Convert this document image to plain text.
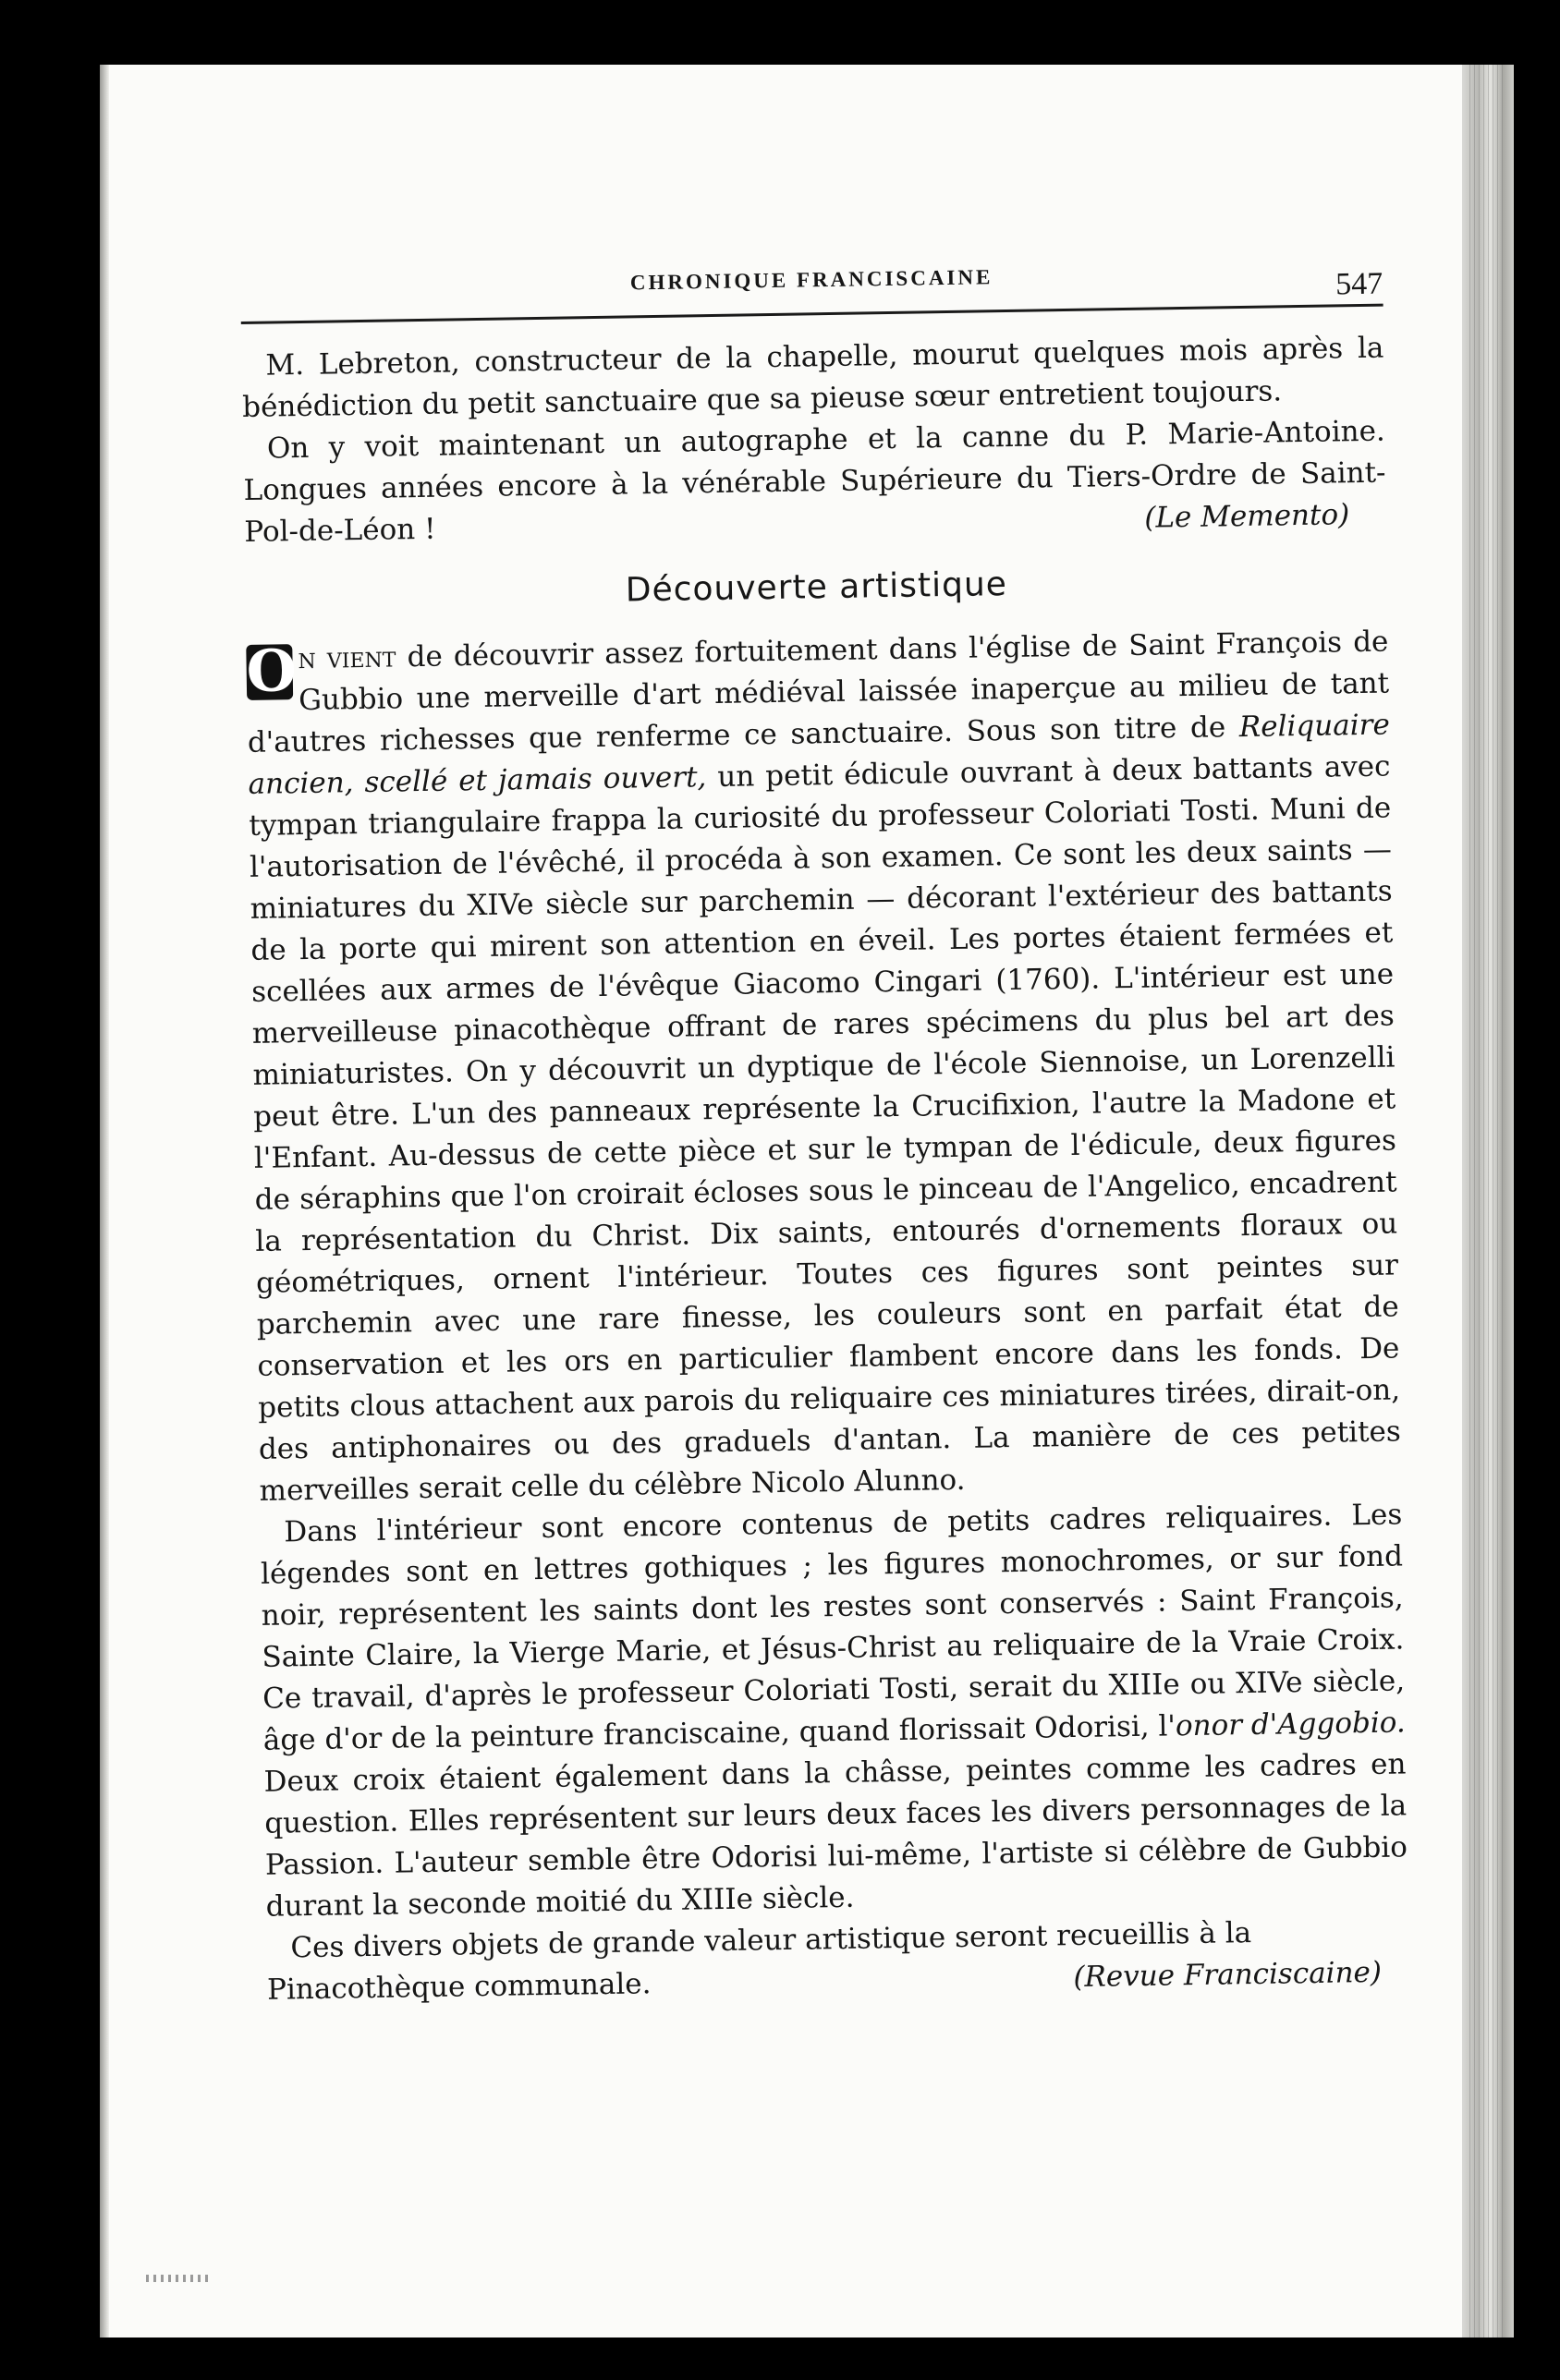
CHRONIQUE FRANCISCAINE	547

M. Lebreton, constructeur de la chapelle, mourut quelques mois après la bénédiction du petit sanctuaire que sa pieuse sœur entretient toujours.

On y voit maintenant un autographe et la canne du P. Marie-Antoine. Longues années encore à la vénérable Supérieure du Tiers-Ordre de Saint-Pol-de-Léon !	(Le Memento)
Découverte artistique

O n vient de découvrir assez fortuitement dans l'église de Saint François de Gubbio une merveille d'art médiéval laissée inaperçue au milieu de tant d'autres richesses que renferme ce sanctuaire. Sous son titre de Reliquaire ancien, scellé et jamais ouvert, un petit édicule ouvrant à deux battants avec tympan triangulaire frappa la curiosité du professeur Coloriati Tosti. Muni de l'autorisation de l'évêché, il procéda à son examen. Ce sont les deux saints — miniatures du XIVe siècle sur parchemin — décorant l'extérieur des battants de la porte qui mirent son attention en éveil. Les portes étaient fermées et scellées aux armes de l'évêque Giacomo Cingari (1760). L'intérieur est une merveilleuse pinacothèque offrant de rares spécimens du plus bel art des miniaturistes. On y découvrit un dyptique de l'école Siennoise, un Lorenzelli peut être. L'un des panneaux représente la Crucifixion, l'autre la Madone et l'Enfant. Au-dessus de cette pièce et sur le tympan de l'édicule, deux figures de séraphins que l'on croirait écloses sous le pinceau de l'Angelico, encadrent la représentation du Christ. Dix saints, entourés d'ornements floraux ou géométriques, ornent l'intérieur. Toutes ces figures sont peintes sur parchemin avec une rare finesse, les couleurs sont en parfait état de conservation et les ors en particulier flambent encore dans les fonds. De petits clous attachent aux parois du reliquaire ces miniatures tirées, dirait-on, des antiphonaires ou des graduels d'antan. La manière de ces petites merveilles serait celle du célèbre Nicolo Alunno.

Dans l'intérieur sont encore contenus de petits cadres reliquaires. Les légendes sont en lettres gothiques ; les figures monochromes, or sur fond noir, représentent les saints dont les restes sont conservés : Saint François, Sainte Claire, la Vierge Marie, et Jésus-Christ au reliquaire de la Vraie Croix. Ce travail, d'après le professeur Coloriati Tosti, serait du XIIIe ou XIVe siècle, âge d'or de la peinture franciscaine, quand florissait Odorisi, l'onor d'Aggobio. Deux croix étaient également dans la châsse, peintes comme les cadres en question. Elles représentent sur leurs deux faces les divers personnages de la Passion. L'auteur semble être Odorisi lui-même, l'artiste si célèbre de Gubbio durant la seconde moitié du XIIIe siècle.

Ces divers objets de grande valeur artistique seront recueillis à la

Pinacothèque communale.	(Revue Franciscaine)
